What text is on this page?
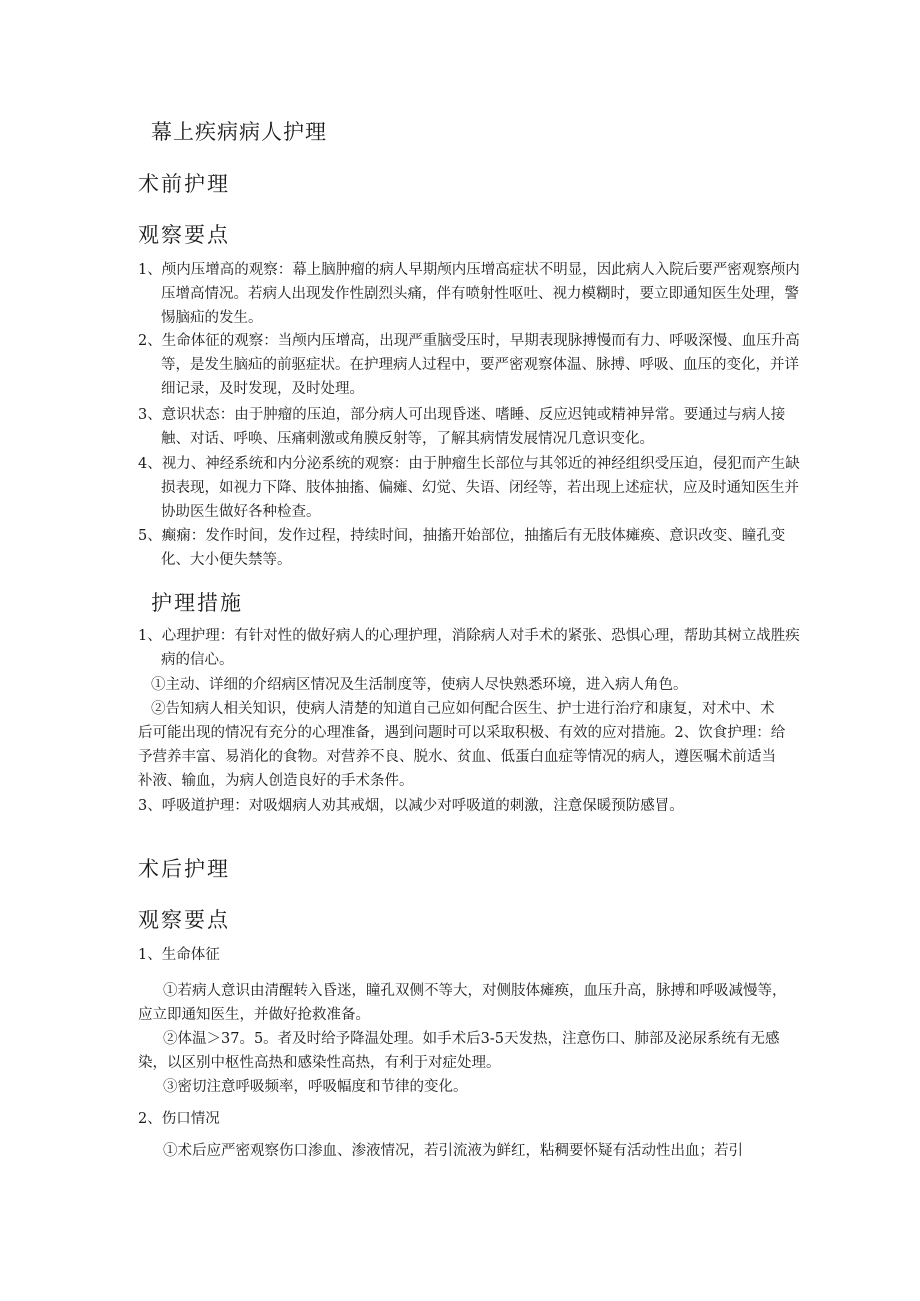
幕上疾病病人护理
术前护理
观察要点
1、颅内压增高的观察：幕上脑肿瘤的病人早期颅内压增高症状不明显，因此病人入院后要严密观察颅内压增高情况。若病人出现发作性剧烈头痛，伴有喷射性呕吐、视力模糊时，要立即通知医生处理，警惕脑疝的发生。
2、生命体征的观察：当颅内压增高，出现严重脑受压时，早期表现脉搏慢而有力、呼吸深慢、血压升高等，是发生脑疝的前驱症状。在护理病人过程中，要严密观察体温、脉搏、呼吸、血压的变化，并详细记录，及时发现，及时处理。
3、意识状态：由于肿瘤的压迫，部分病人可出现昏迷、嗜睡、反应迟钝或精神异常。要通过与病人接触、对话、呼唤、压痛刺激或角膜反射等，了解其病情发展情况几意识变化。
4、视力、神经系统和内分泌系统的观察：由于肿瘤生长部位与其邻近的神经组织受压迫，侵犯而产生缺损表现，如视力下降、肢体抽搐、偏瘫、幻觉、失语、闭经等，若出现上述症状，应及时通知医生并协助医生做好各种检查。
5、癫痫：发作时间，发作过程，持续时间，抽搐开始部位，抽搐后有无肢体瘫痪、意识改变、瞳孔变化、大小便失禁等。
护理措施
1、心理护理：有针对性的做好病人的心理护理，消除病人对手术的紧张、恐惧心理，帮助其树立战胜疾病的信心。
①主动、详细的介绍病区情况及生活制度等，使病人尽快熟悉环境，进入病人角色。
②告知病人相关知识，使病人清楚的知道自己应如何配合医生、护士进行治疗和康复，对术中、术后可能出现的情况有充分的心理准备，遇到问题时可以采取积极、有效的应对措施。2、饮食护理：给予营养丰富、易消化的食物。对营养不良、脱水、贫血、低蛋白血症等情况的病人，遵医嘱术前适当补液、输血，为病人创造良好的手术条件。
3、呼吸道护理：对吸烟病人劝其戒烟，以减少对呼吸道的刺激，注意保暖预防感冒。
术后护理
观察要点
1、生命体征
①若病人意识由清醒转入昏迷，瞳孔双侧不等大，对侧肢体瘫痪，血压升高，脉搏和呼吸减慢等，应立即通知医生，并做好抢救准备。
②体温＞37。5。者及时给予降温处理。如手术后3-5天发热，注意伤口、肺部及泌尿系统有无感染，以区别中枢性高热和感染性高热，有利于对症处理。
③密切注意呼吸频率，呼吸幅度和节律的变化。
2、伤口情况
①术后应严密观察伤口渗血、渗液情况，若引流液为鲜红，粘稠要怀疑有活动性出血；若引
